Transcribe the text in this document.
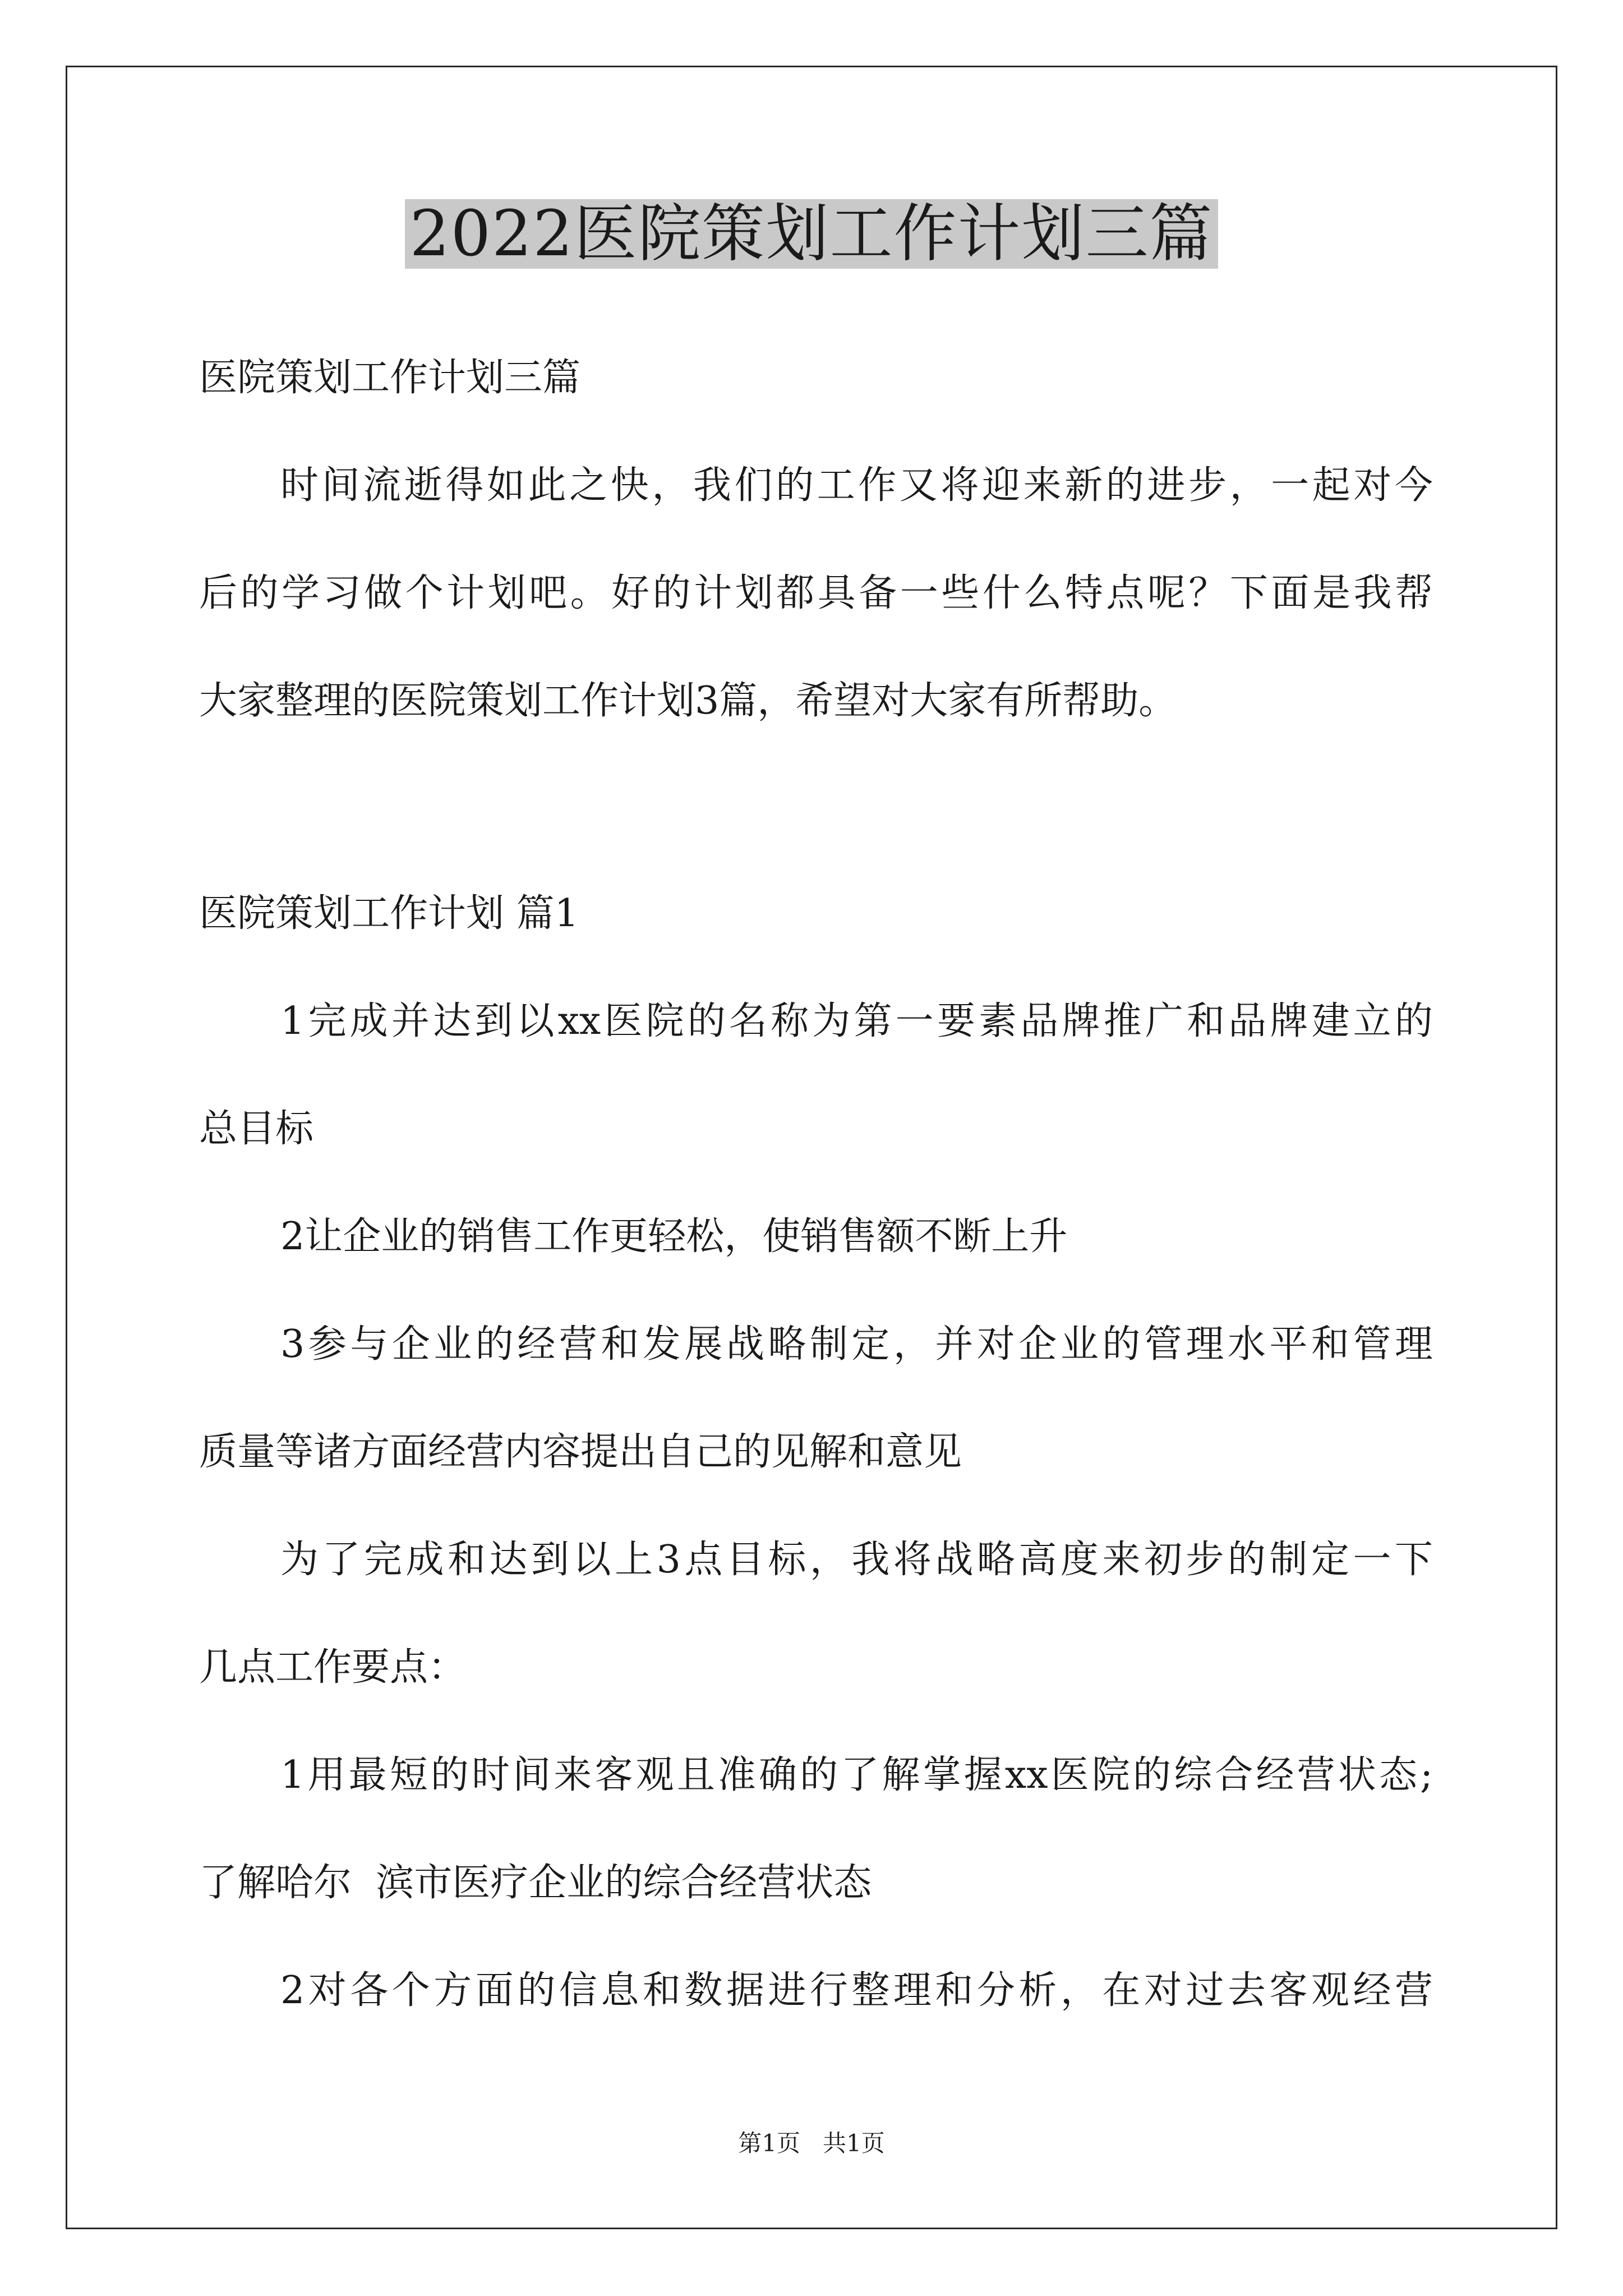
2022医院策划工作计划三篇
医院策划工作计划三篇
时间流逝得如此之快，我们的工作又将迎来新的进步，一起对今
后的学习做个计划吧。好的计划都具备一些什么特点呢？下面是我帮
大家整理的医院策划工作计划3篇，希望对大家有所帮助。
医院策划工作计划 篇1
1完成并达到以xx医院的名称为第一要素品牌推广和品牌建立的
总目标
2让企业的销售工作更轻松，使销售额不断上升
3参与企业的经营和发展战略制定，并对企业的管理水平和管理
质量等诸方面经营内容提出自己的见解和意见
为了完成和达到以上3点目标，我将战略高度来初步的制定一下
几点工作要点：
1用最短的时间来客观且准确的了解掌握xx医院的综合经营状态;
了解哈尔  滨市医疗企业的综合经营状态
2对各个方面的信息和数据进行整理和分析，在对过去客观经营
第1页   共1页
